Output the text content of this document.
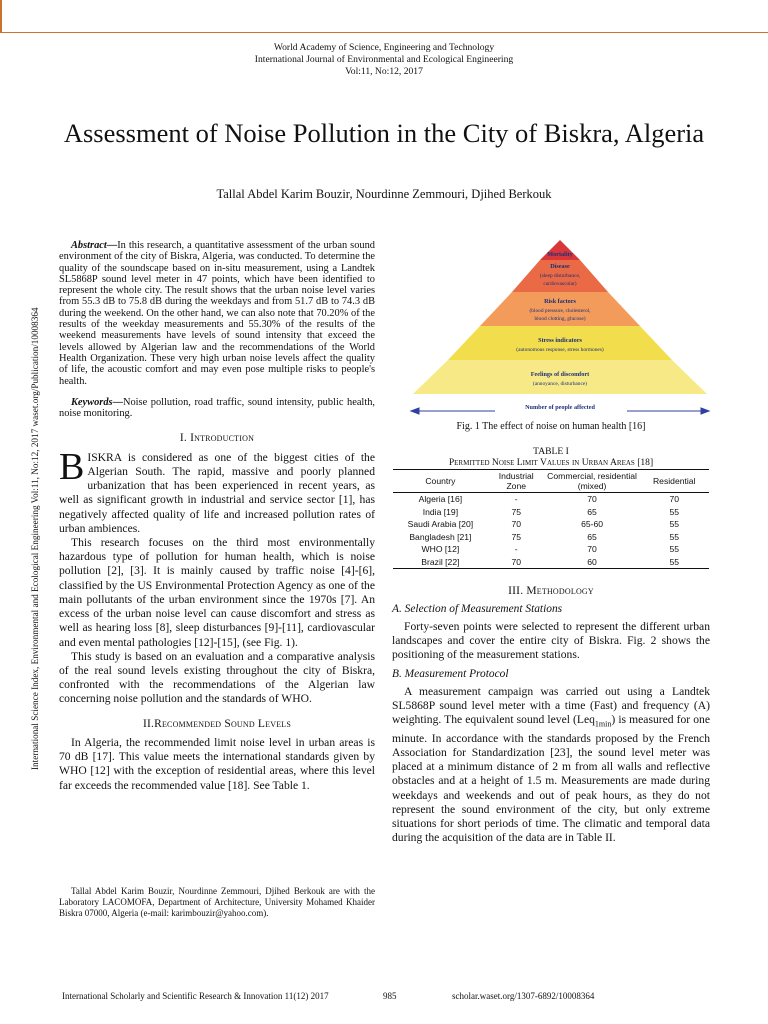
World Academy of Science, Engineering and Technology
International Journal of Environmental and Ecological Engineering
Vol:11, No:12, 2017
Assessment of Noise Pollution in the City of Biskra, Algeria
Tallal Abdel Karim Bouzir, Nourdinne Zemmouri, Djihed Berkouk
International Science Index, Environmental and Ecological Engineering Vol:11, No:12, 2017 waset.org/Publication/10008364

Abstract—In this research, a quantitative assessment of the urban sound environment of the city of Biskra, Algeria, was conducted. To determine the quality of the soundscape based on in-situ measurement, using a Landtek SL5868P sound level meter in 47 points, which have been identified to represent the whole city. The result shows that the urban noise level varies from 55.3 dB to 75.8 dB during the weekdays and from 51.7 dB to 74.3 dB during the weekend. On the other hand, we can also note that 70.20% of the results of the weekday measurements and 55.30% of the results of the weekend measurements have levels of sound intensity that exceed the levels allowed by Algerian law and the recommendations of the World Health Organization. These very high urban noise levels affect the quality of life, the acoustic comfort and may even pose multiple risks to people's health.

Keywords—Noise pollution, road traffic, sound intensity, public health, noise monitoring.

I. Introduction

BISKRA is considered as one of the biggest cities of the Algerian South. The rapid, massive and poorly planned urbanization that has been experienced in recent years, as well as significant growth in industrial and service sector [1], has negatively affected quality of life and increased pollution rates of urban ambiences.

This research focuses on the third most environmentally hazardous type of pollution for human health, which is noise pollution [2], [3]. It is mainly caused by traffic noise [4]-[6], classified by the US Environmental Protection Agency as one of the main pollutants of the urban environment since the 1970s [7]. An excess of the urban noise level can cause discomfort and stress as well as hearing loss [8], sleep disturbances [9]-[11], cardiovascular and even mental pathologies [12]-[15], (see Fig. 1).

This study is based on an evaluation and a comparative analysis of the real sound levels existing throughout the city of Biskra, confronted with the recommendations of the Algerian law concerning noise pollution and the standards of WHO.

II.Recommended Sound Levels

In Algeria, the recommended limit noise level in urban areas is 70 dB [17]. This value meets the international standards given by WHO [12] with the exception of residential areas, where this level far exceeds the recommended value [18]. See Table 1.

Tallal Abdel Karim Bouzir, Nourdinne Zemmouri, Djihed Berkouk are with the Laboratory LACOMOFA, Department of Architecture, University Mohamed Khaider Biskra 07000, Algeria (e-mail: karimbouzir@yahoo.com).
Mortality
Disease
(sleep disturbance,
cardiovascular)
Risk factors
(blood pressure, cholesterol,
blood clotting, glucose)
Stress indicators
(autonomous response, stress hormones)
Feelings of discomfort
(annoyance, disturbance)
Number of people affected
Fig. 1 The effect of noise on human health [16]
TABLE I
Permitted Noise Limit Values in Urban Areas [18]
Country	Industrial Zone	Commercial, residential (mixed)	Residential
Algeria [16]	-	70	70
India [19]	75	65	55
Saudi Arabia [20]	70	65-60	55
Bangladesh [21]	75	65	55
WHO [12]	-	70	55
Brazil [22]	70	60	55
III. Methodology
A. Selection of Measurement Stations

Forty-seven points were selected to represent the different urban landscapes and cover the entire city of Biskra. Fig. 2 shows the positioning of the measurement stations.

B. Measurement Protocol

A measurement campaign was carried out using a Landtek SL5868P sound level meter with a time (Fast) and frequency (A) weighting. The equivalent sound level (Leq$_{1min}$) is measured for one minute. In accordance with the standards proposed by the French Association for Standardization [23], the sound level meter was placed at a minimum distance of 2 m from all walls and reflective obstacles and at a height of 1.5 m. Measurements are made during weekdays and weekends and out of peak hours, as they do not represent the sound environment of the city, but only extreme situations for short periods of time. The climatic and temporal data during the acquisition of the data are in Table II.

International Scholarly and Scientific Research & Innovation 11(12) 2017	985	scholar.waset.org/1307-6892/10008364
